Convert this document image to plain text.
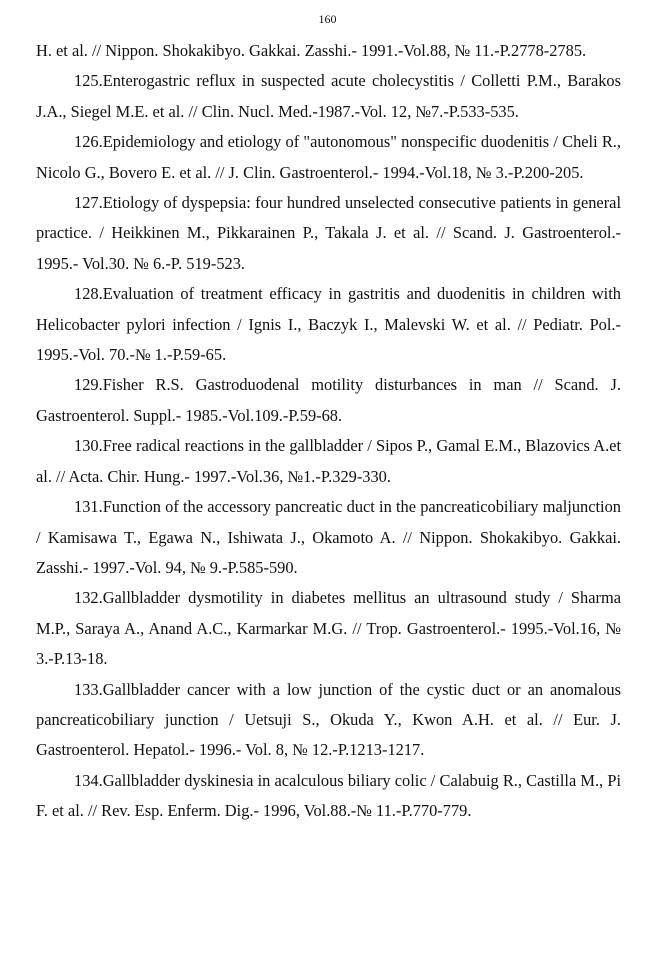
160

H. et al. // Nippon. Shokakibyo. Gakkai. Zasshi.- 1991.-Vol.88, № 11.-P.2778-2785.

125.Enterogastric reflux in suspected acute cholecystitis / Colletti P.M., Barakos J.A., Siegel M.E. et al. // Clin. Nucl. Med.-1987.-Vol. 12, №7.-P.533-535.

126.Epidemiology and etiology of "autonomous" nonspecific duodenitis / Cheli R., Nicolo G., Bovero E. et al. // J. Clin. Gastroenterol.- 1994.-Vol.18, № 3.-P.200-205.

127.Etiology of dyspepsia: four hundred unselected consecutive patients in general practice. / Heikkinen M., Pikkarainen P., Takala J. et al. // Scand. J. Gastroenterol.- 1995.- Vol.30. № 6.-P. 519-523.

128.Evaluation of treatment efficacy in gastritis and duodenitis in children with Helicobacter pylori infection / Ignis I., Baczyk I., Malevski W. et al. // Pediatr. Pol.- 1995.-Vol. 70.-№ 1.-P.59-65.

129.Fisher R.S. Gastroduodenal motility disturbances in man // Scand. J. Gastroenterol. Suppl.- 1985.-Vol.109.-P.59-68.

130.Free radical reactions in the gallbladder / Sipos P., Gamal E.M., Blazovics A.et al. // Acta. Chir. Hung.- 1997.-Vol.36, №1.-P.329-330.

131.Function of the accessory pancreatic duct in the pancreaticobiliary maljunction / Kamisawa T., Egawa N., Ishiwata J., Okamoto A. // Nippon. Shokakibyo. Gakkai. Zasshi.- 1997.-Vol. 94, № 9.-P.585-590.

132.Gallbladder dysmotility in diabetes mellitus an ultrasound study / Sharma M.P., Saraya A., Anand A.C., Karmarkar M.G. // Trop. Gastroenterol.- 1995.-Vol.16, № 3.-P.13-18.

133.Gallbladder cancer with a low junction of the cystic duct or an anomalous pancreaticobiliary junction / Uetsuji S., Okuda Y., Kwon A.H. et al. // Eur. J. Gastroenterol. Hepatol.- 1996.- Vol. 8, № 12.-P.1213-1217.

134.Gallbladder dyskinesia in acalculous biliary colic / Calabuig R., Castilla M., Pi F. et al. // Rev. Esp. Enferm. Dig.- 1996, Vol.88.-№ 11.-P.770-779.
